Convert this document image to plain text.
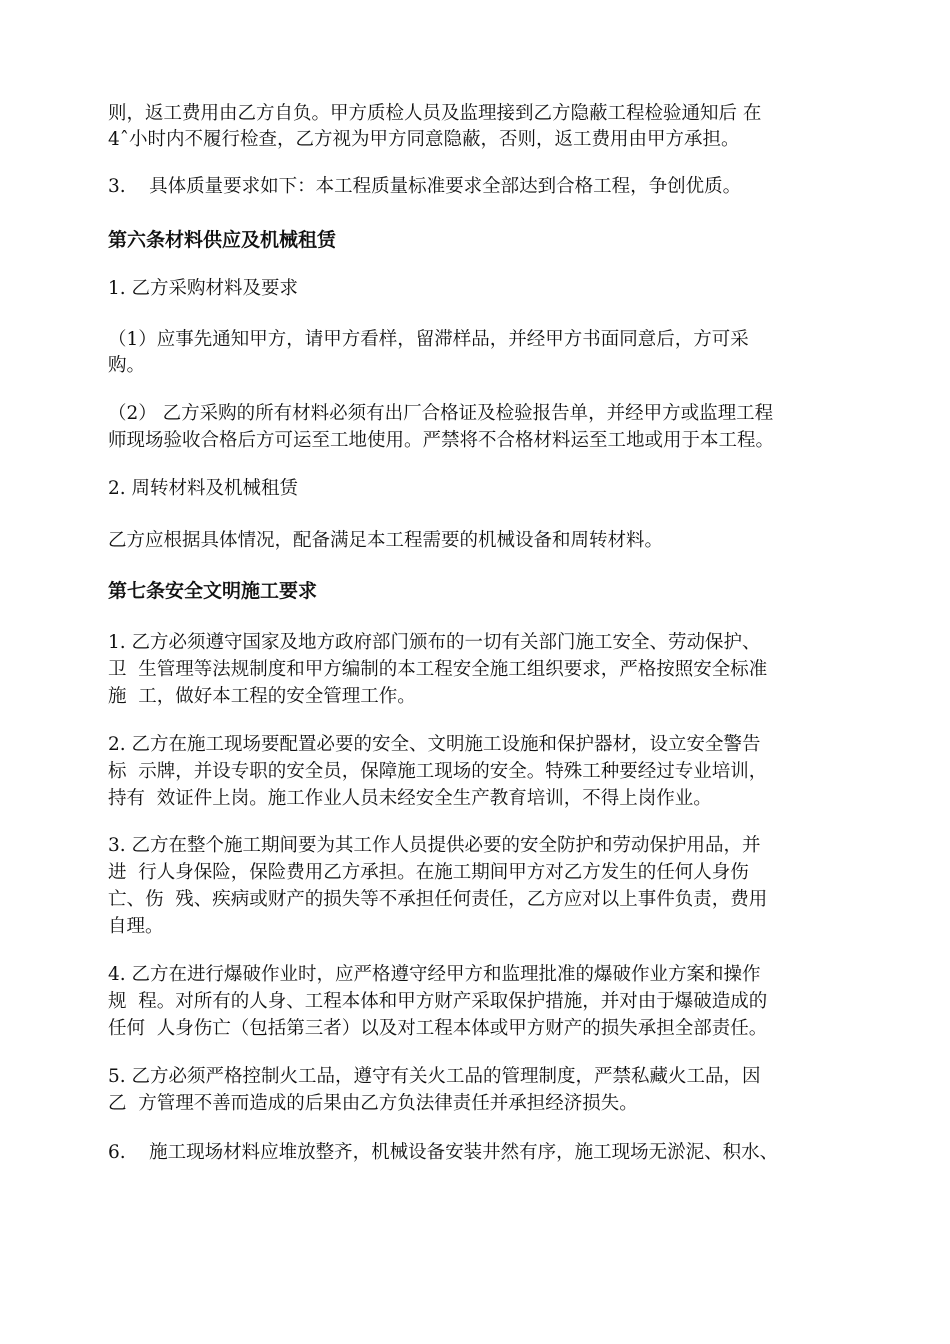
则，返工费用由乙方自负。甲方质检人员及监理接到乙方隐蔽工程检验通知后 在
4ˆ小时内不履行检查，乙方视为甲方同意隐蔽，否则，返工费用由甲方承担。
3.    具体质量要求如下：本工程质量标准要求全部达到合格工程，争创优质。
第六条材料供应及机械租赁
1. 乙方采购材料及要求
（1）应事先通知甲方，请甲方看样，留滞样品，并经甲方书面同意后，方可采
购。
（2） 乙方采购的所有材料必须有出厂合格证及检验报告单，并经甲方或监理工程
师现场验收合格后方可运至工地使用。严禁将不合格材料运至工地或用于本工程。
2. 周转材料及机械租赁
乙方应根据具体情况，配备满足本工程需要的机械设备和周转材料。
第七条安全文明施工要求
1. 乙方必须遵守国家及地方政府部门颁布的一切有关部门施工安全、劳动保护、
卫  生管理等法规制度和甲方编制的本工程安全施工组织要求，严格按照安全标准
施  工，做好本工程的安全管理工作。
2. 乙方在施工现场要配置必要的安全、文明施工设施和保护器材，设立安全警告
标  示牌，并设专职的安全员，保障施工现场的安全。特殊工种要经过专业培训，
持有  效证件上岗。施工作业人员未经安全生产教育培训，不得上岗作业。
3. 乙方在整个施工期间要为其工作人员提供必要的安全防护和劳动保护用品，并
进  行人身保险，保险费用乙方承担。在施工期间甲方对乙方发生的任何人身伤
亡、伤  残、疾病或财产的损失等不承担任何责任，乙方应对以上事件负责，费用
自理。
4. 乙方在进行爆破作业时，应严格遵守经甲方和监理批准的爆破作业方案和操作
规  程。对所有的人身、工程本体和甲方财产采取保护措施，并对由于爆破造成的
任何  人身伤亡（包括第三者）以及对工程本体或甲方财产的损失承担全部责任。
5. 乙方必须严格控制火工品，遵守有关火工品的管理制度，严禁私藏火工品，因
乙  方管理不善而造成的后果由乙方负法律责任并承担经济损失。
6.    施工现场材料应堆放整齐，机械设备安装井然有序，施工现场无淤泥、积水、
